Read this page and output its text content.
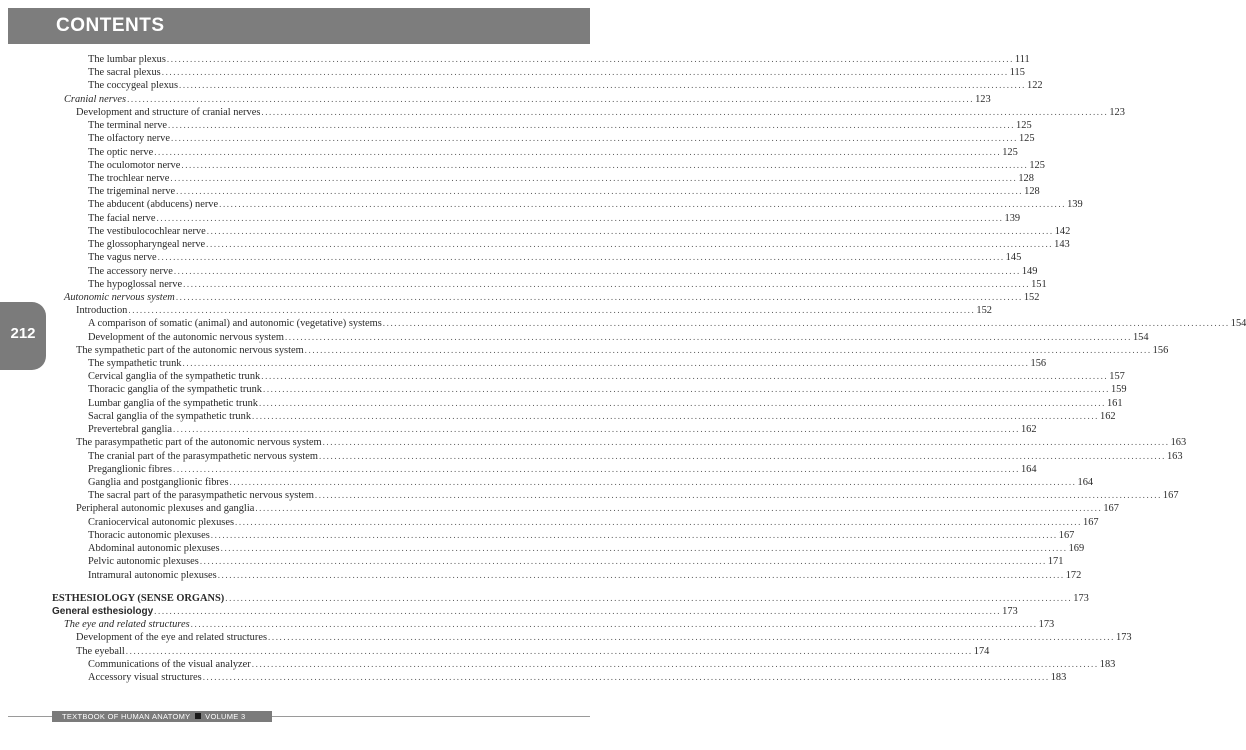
CONTENTS
212
The lumbar plexus ............................................................................................................................................................................................................................ 111
The sacral plexus ............................................................................................................................................................................................................................ 115
The coccygeal plexus ............................................................................................................................................................................................................................ 122
Cranial nerves ............................................................................................................................................................................................................................ 123
Development and structure of cranial nerves ............................................................................................................................................................................................................................ 123
The terminal nerve ............................................................................................................................................................................................................................ 125
The olfactory nerve ............................................................................................................................................................................................................................ 125
The optic nerve ............................................................................................................................................................................................................................ 125
The oculomotor nerve ............................................................................................................................................................................................................................ 125
The trochlear nerve ............................................................................................................................................................................................................................ 128
The trigeminal nerve ............................................................................................................................................................................................................................ 128
The abducent (abducens) nerve ............................................................................................................................................................................................................................ 139
The facial nerve ............................................................................................................................................................................................................................ 139
The vestibulocochlear nerve ............................................................................................................................................................................................................................ 142
The glossopharyngeal nerve ............................................................................................................................................................................................................................ 143
The vagus nerve ............................................................................................................................................................................................................................ 145
The accessory nerve ............................................................................................................................................................................................................................ 149
The hypoglossal nerve ............................................................................................................................................................................................................................ 151
Autonomic nervous system ............................................................................................................................................................................................................................ 152
Introduction ............................................................................................................................................................................................................................ 152
A comparison of somatic (animal) and autonomic (vegetative) systems ............................................................................................................................................................................................................................ 154
Development of the autonomic nervous system ............................................................................................................................................................................................................................ 154
The sympathetic part of the autonomic nervous system ............................................................................................................................................................................................................................ 156
The sympathetic trunk ............................................................................................................................................................................................................................ 156
Cervical ganglia of the sympathetic trunk ............................................................................................................................................................................................................................ 157
Thoracic ganglia of the sympathetic trunk ............................................................................................................................................................................................................................ 159
Lumbar ganglia of the sympathetic trunk ............................................................................................................................................................................................................................ 161
Sacral ganglia of the sympathetic trunk ............................................................................................................................................................................................................................ 162
Prevertebral ganglia ............................................................................................................................................................................................................................ 162
The parasympathetic part of the autonomic nervous system ............................................................................................................................................................................................................................ 163
The cranial part of the parasympathetic nervous system ............................................................................................................................................................................................................................ 163
Preganglionic fibres ............................................................................................................................................................................................................................ 164
Ganglia and postganglionic fibres ............................................................................................................................................................................................................................ 164
The sacral part of the parasympathetic nervous system ............................................................................................................................................................................................................................ 167
Peripheral autonomic plexuses and ganglia ............................................................................................................................................................................................................................ 167
Craniocervical autonomic plexuses ............................................................................................................................................................................................................................ 167
Thoracic autonomic plexuses ............................................................................................................................................................................................................................ 167
Abdominal autonomic plexuses ............................................................................................................................................................................................................................ 169
Pelvic autonomic plexuses ............................................................................................................................................................................................................................ 171
Intramural autonomic plexuses ............................................................................................................................................................................................................................ 172
ESTHESIOLOGY (SENSE ORGANS) ............................................................................................................................................................................................................................ 173
General esthesiology ............................................................................................................................................................................................................................ 173
The eye and related structures ............................................................................................................................................................................................................................ 173
Development of the eye and related structures ............................................................................................................................................................................................................................ 173
The eyeball ............................................................................................................................................................................................................................ 174
Communications of the visual analyzer ............................................................................................................................................................................................................................ 183
Accessory visual structures ............................................................................................................................................................................................................................ 183
TEXTBOOK OF HUMAN ANATOMY VOLUME 3
